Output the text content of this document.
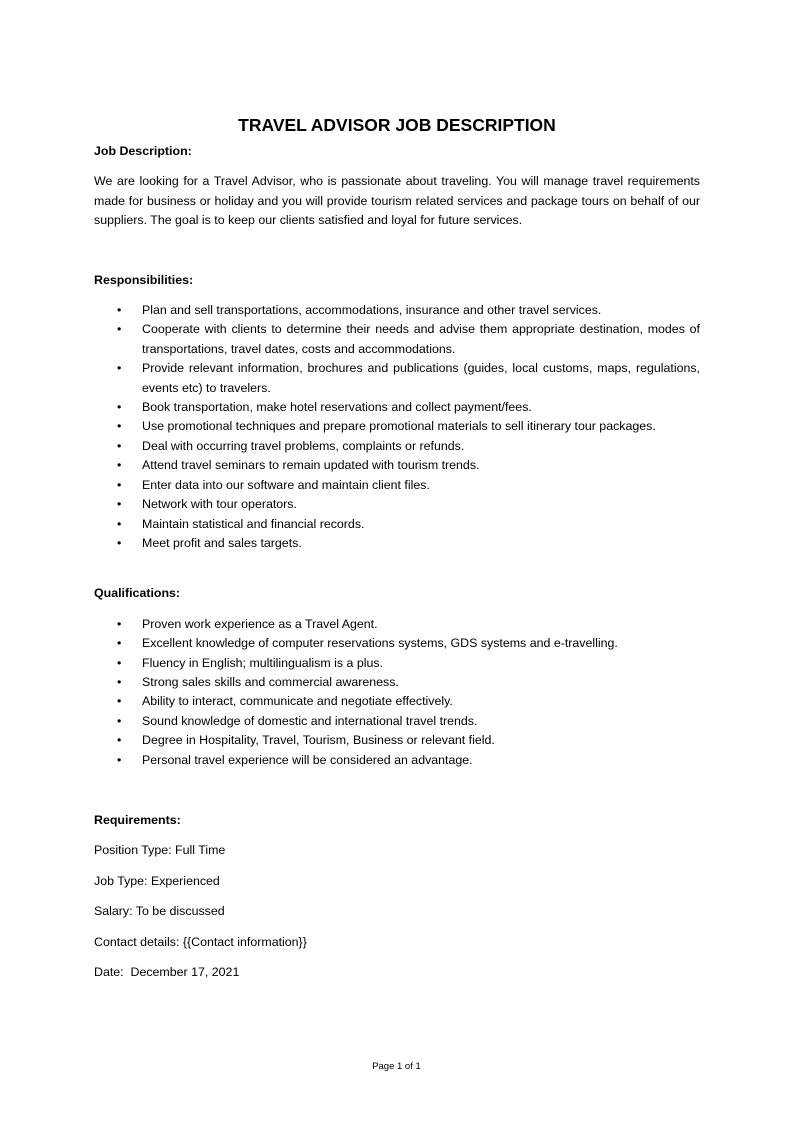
TRAVEL ADVISOR JOB DESCRIPTION

Job Description:

We are looking for a Travel Advisor, who is passionate about traveling. You will manage travel requirements made for business or holiday and you will provide tourism related services and package tours on behalf of our suppliers. The goal is to keep our clients satisfied and loyal for future services.

Responsibilities:

• Plan and sell transportations, accommodations, insurance and other travel services.
• Cooperate with clients to determine their needs and advise them appropriate destination, modes of transportations, travel dates, costs and accommodations.
• Provide relevant information, brochures and publications (guides, local customs, maps, regulations, events etc) to travelers.
• Book transportation, make hotel reservations and collect payment/fees.
• Use promotional techniques and prepare promotional materials to sell itinerary tour packages.
• Deal with occurring travel problems, complaints or refunds.
• Attend travel seminars to remain updated with tourism trends.
• Enter data into our software and maintain client files.
• Network with tour operators.
• Maintain statistical and financial records.
• Meet profit and sales targets.

Qualifications:

• Proven work experience as a Travel Agent.
• Excellent knowledge of computer reservations systems, GDS systems and e-travelling.
• Fluency in English; multilingualism is a plus.
• Strong sales skills and commercial awareness.
• Ability to interact, communicate and negotiate effectively.
• Sound knowledge of domestic and international travel trends.
• Degree in Hospitality, Travel, Tourism, Business or relevant field.
• Personal travel experience will be considered an advantage.

Requirements:

Position Type: Full Time

Job Type: Experienced

Salary: To be discussed

Contact details: {{Contact information}}

Date:  December 17, 2021

Page 1 of 1
